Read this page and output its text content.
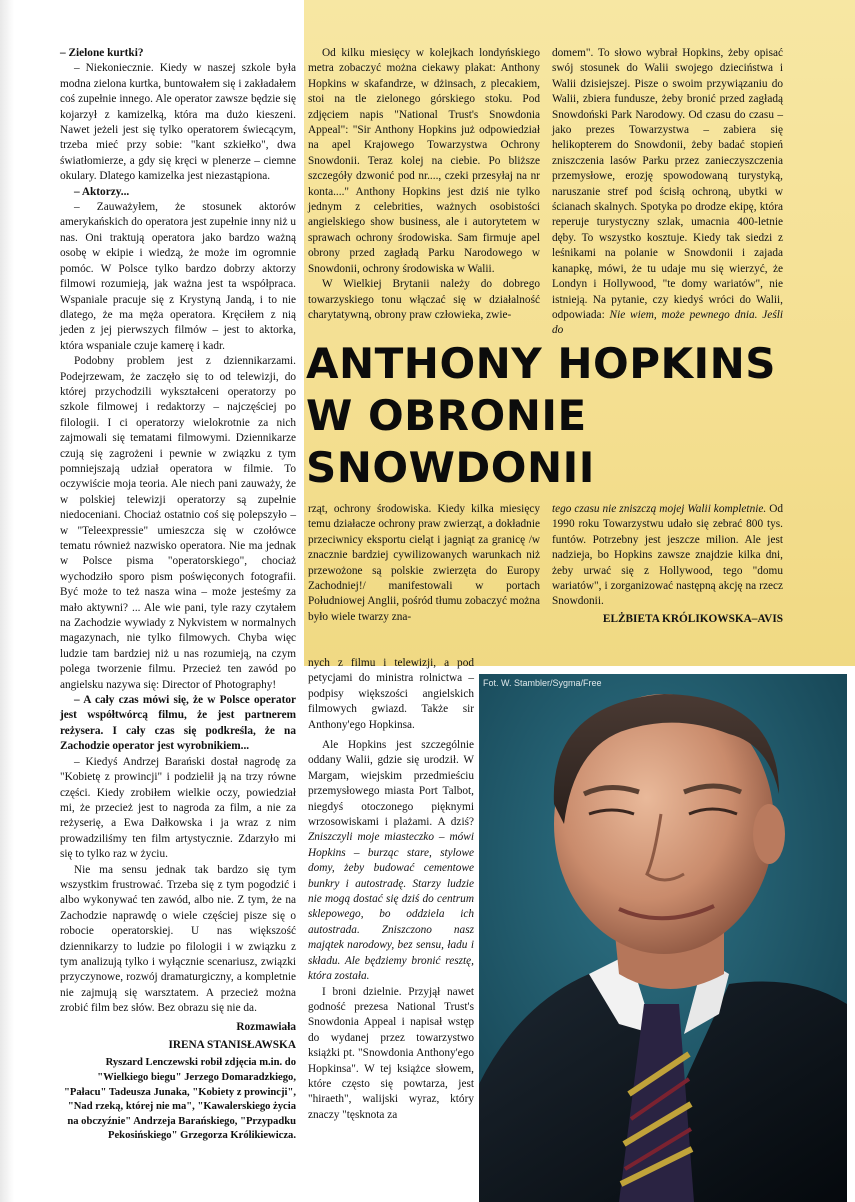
– Zielone kurtki?

– Niekoniecznie. Kiedy w naszej szkole była modna zielona kurtka, buntowałem się i zakładałem coś zupełnie innego. Ale operator zawsze będzie się kojarzył z kamizelką, która ma dużo kieszeni. Nawet jeżeli jest się tylko operatorem świecącym, trzeba mieć przy sobie: "kant szkiełko", dwa światłomierze, a gdy się kręci w plenerze – ciemne okulary. Dlatego kamizelka jest niezastąpiona.

– Aktorzy...

– Zauważyłem, że stosunek aktorów amerykańskich do operatora jest zupełnie inny niż u nas. Oni traktują operatora jako bardzo ważną osobę w ekipie i wiedzą, że może im ogromnie pomóc. W Polsce tylko bardzo dobrzy aktorzy filmowi rozumieją, jak ważna jest ta współpraca. Wspaniale pracuje się z Krystyną Jandą, i to nie dlatego, że ma męża operatora. Kręciłem z nią jeden z jej pierwszych filmów – jest to aktorka, która wspaniale czuje kamerę i kadr.

Podobny problem jest z dziennikarzami. Podejrzewam, że zaczęło się to od telewizji, do której przychodzili wykształceni operatorzy po szkole filmowej i redaktorzy – najczęściej po filologii. I ci operatorzy wielokrotnie za nich zajmowali się tematami filmowymi. Dziennikarze czują się zagrożeni i pewnie w związku z tym pomniejszają udział operatora w filmie. To oczywiście moja teoria. Ale niech pani zauważy, że w polskiej telewizji operatorzy są zupełnie niedoceniani. Chociaż ostatnio coś się polepszyło – w "Teleexpressie" umieszcza się w czołówce tematu również nazwisko operatora. Nie ma jednak w Polsce pisma "operatorskiego", chociaż wychodziło sporo pism poświęconych fotografii. Być może to też nasza wina – może jesteśmy za mało aktywni? ... Ale wie pani, tyle razy czytałem na Zachodzie wywiady z Nykvistem w normalnych magazynach, nie tylko filmowych. Chyba więc ludzie tam bardziej niż u nas rozumieją, na czym polega tworzenie filmu. Przecież ten zawód po angielsku nazywa się: Director of Photography!

– A cały czas mówi się, że w Polsce operator jest współtwórcą filmu, że jest partnerem reżysera. I cały czas się podkreśla, że na Zachodzie operator jest wyrobnikiem...

– Kiedyś Andrzej Barański dostał nagrodę za "Kobietę z prowincji" i podzielił ją na trzy równe części. Kiedy zrobiłem wielkie oczy, powiedział mi, że przecież jest to nagroda za film, a nie za reżyserię, a Ewa Dałkowska i ja wraz z nim prowadziliśmy ten film artystycznie. Zdarzyło mi się to tylko raz w życiu.

Nie ma sensu jednak tak bardzo się tym wszystkim frustrować. Trzeba się z tym pogodzić i albo wykonywać ten zawód, albo nie. Z tym, że na Zachodzie naprawdę o wiele częściej pisze się o robocie operatorskiej. U nas większość dziennikarzy to ludzie po filologii i w związku z tym analizują tylko i wyłącznie scenariusz, związki przyczynowe, rozwój dramaturgiczny, a kompletnie nie zajmują się warsztatem. A przecież można zrobić film bez słów. Bez obrazu się nie da.

Rozmawiała

IRENA STANISŁAWSKA

Ryszard Lenczewski robił zdjęcia m.in. do "Wielkiego biegu" Jerzego Domaradzkiego, "Pałacu" Tadeusza Junaka, "Kobiety z prowincji", "Nad rzeką, której nie ma", "Kawalerskiego życia na obczyźnie" Andrzeja Barańskiego, "Przypadku Pekosińskiego" Grzegorza Królikiewicza.

Od kilku miesięcy w kolejkach londyńskiego metra zobaczyć można ciekawy plakat: Anthony Hopkins w skafandrze, w dżinsach, z plecakiem, stoi na tle zielonego górskiego stoku. Pod zdjęciem napis "National Trust's Snowdonia Appeal": "Sir Anthony Hopkins już odpowiedział na apel Krajowego Towarzystwa Ochrony Snowdonii. Teraz kolej na ciebie. Po bliższe szczegóły dzwonić pod nr...., czeki przesyłaj na nr konta...." Anthony Hopkins jest dziś nie tylko jednym z celebrities, ważnych osobistości angielskiego show business, ale i autorytetem w sprawach ochrony środowiska. Sam firmuje apel obrony przed zagładą Parku Narodowego w Snowdonii, ochrony środowiska w Walii.

W Wielkiej Brytanii należy do dobrego towarzyskiego tonu włączać się w działalność charytatywną, obrony praw człowieka, zwie-

domem". To słowo wybrał Hopkins, żeby opisać swój stosunek do Walii swojego dzieciństwa i Walii dzisiejszej. Pisze o swoim przywiązaniu do Walii, zbiera fundusze, żeby bronić przed zagładą Snowdoński Park Narodowy. Od czasu do czasu – jako prezes Towarzystwa – zabiera się helikopterem do Snowdonii, żeby badać stopień zniszczenia lasów Parku przez zanieczyszczenia przemysłowe, erozję spowodowaną turystyką, naruszanie stref pod ścisłą ochroną, ubytki w ścianach skalnych. Spotyka po drodze ekipę, która reperuje turystyczny szlak, umacnia 400-letnie dęby. To wszystko kosztuje. Kiedy tak siedzi z leśnikami na polanie w Snowdonii i zajada kanapkę, mówi, że tu udaje mu się wierzyć, że Londyn i Hollywood, "te domy wariatów", nie istnieją. Na pytanie, czy kiedyś wróci do Walii, odpowiada: Nie wiem, może pewnego dnia. Jeśli do

ANTHONY HOPKINS
W OBRONIE
SNOWDONII

rząt, ochrony środowiska. Kiedy kilka miesięcy temu działacze ochrony praw zwierząt, a dokładnie przeciwnicy eksportu cieląt i jagniąt za granicę /w znacznie bardziej cywilizowanych warunkach niż przewożone są polskie zwierzęta do Europy Zachodniej!/ manifestowali w portach Południowej Anglii, pośród tłumu zobaczyć można było wiele twarzy zna-

nych z filmu i telewizji, a pod petycjami do ministra rolnictwa – podpisy większości angielskich filmowych gwiazd. Także sir Anthony'ego Hopkinsa.

Ale Hopkins jest szczególnie oddany Walii, gdzie się urodził. W Margam, wiejskim przedmieściu przemysłowego miasta Port Talbot, niegdyś otoczonego pięknymi wrzosowiskami i plażami. A dziś? Zniszczyli moje miasteczko – mówi Hopkins – burząc stare, stylowe domy, żeby budować cementowe bunkry i autostradę. Starzy ludzie nie mogą dostać się dziś do centrum sklepowego, bo oddziela ich autostrada. Zniszczono nasz majątek narodowy, bez sensu, ładu i składu. Ale będziemy bronić resztę, która została.

I broni dzielnie. Przyjął nawet godność prezesa National Trust's Snowdonia Appeal i napisał wstęp do wydanej przez towarzystwo książki pt. "Snowdonia Anthony'ego Hopkinsa". W tej książce słowem, które często się powtarza, jest "hiraeth", walijski wyraz, który znaczy "tęsknota za

tego czasu nie zniszczą mojej Walii kompletnie. Od 1990 roku Towarzystwu udało się zebrać 800 tys. funtów. Potrzebny jest jeszcze milion. Ale jest nadzieja, bo Hopkins zawsze znajdzie kilka dni, żeby urwać się z Hollywood, tego "domu wariatów", i zorganizować następną akcję na rzecz Snowdonii.

ELŻBIETA KRÓLIKOWSKA–AVIS

Fot. W. Stambler/Sygma/Free
